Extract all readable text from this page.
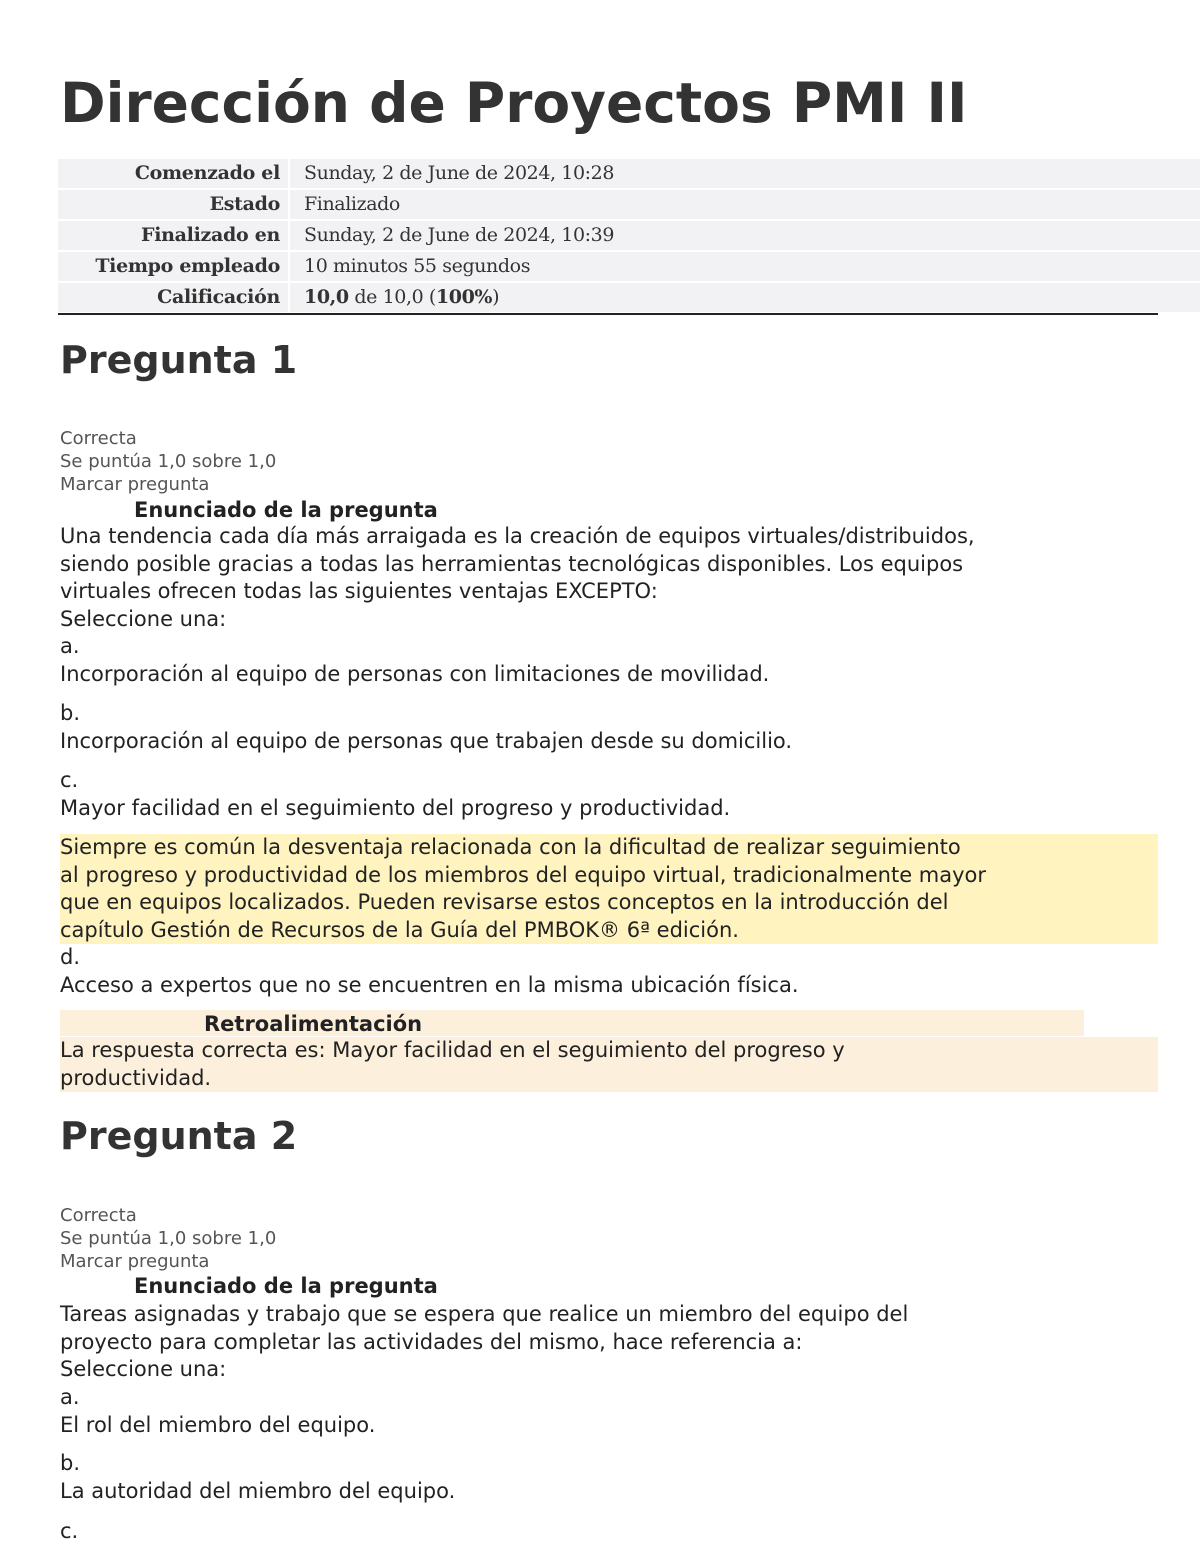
Dirección de Proyectos PMI II
Comenzado el	Sunday, 2 de June de 2024, 10:28
Estado	Finalizado
Finalizado en	Sunday, 2 de June de 2024, 10:39
Tiempo empleado	10 minutos 55 segundos
Calificación	10,0 de 10,0 (100%)
Pregunta 1
Correcta
Se puntúa 1,0 sobre 1,0
Marcar pregunta
Enunciado de la pregunta
Una tendencia cada día más arraigada es la creación de equipos virtuales/distribuidos,
siendo posible gracias a todas las herramientas tecnológicas disponibles. Los equipos
virtuales ofrecen todas las siguientes ventajas EXCEPTO:
Seleccione una:
a.
Incorporación al equipo de personas con limitaciones de movilidad.
b.
Incorporación al equipo de personas que trabajen desde su domicilio.
c.
Mayor facilidad en el seguimiento del progreso y productividad.
Siempre es común la desventaja relacionada con la dificultad de realizar seguimiento
al progreso y productividad de los miembros del equipo virtual, tradicionalmente mayor
que en equipos localizados. Pueden revisarse estos conceptos en la introducción del
capítulo Gestión de Recursos de la Guía del PMBOK® 6ª edición.
d.
Acceso a expertos que no se encuentren en la misma ubicación física.
Retroalimentación
La respuesta correcta es: Mayor facilidad en el seguimiento del progreso y
productividad.
Pregunta 2
Correcta
Se puntúa 1,0 sobre 1,0
Marcar pregunta
Enunciado de la pregunta
Tareas asignadas y trabajo que se espera que realice un miembro del equipo del
proyecto para completar las actividades del mismo, hace referencia a:
Seleccione una:
a.
El rol del miembro del equipo.
b.
La autoridad del miembro del equipo.
c.
